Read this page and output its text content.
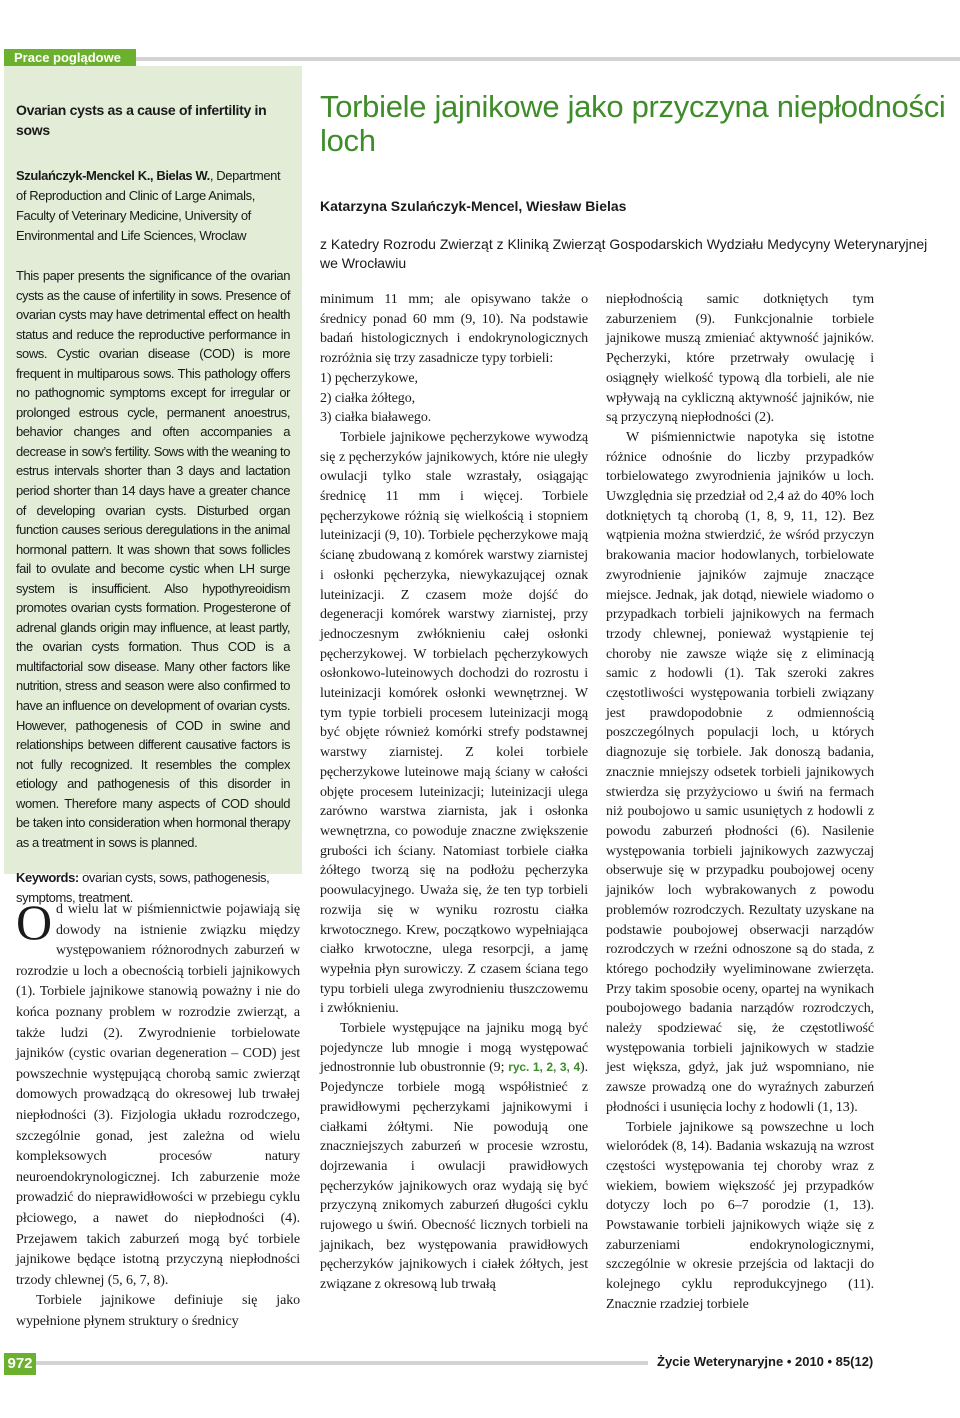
Prace poglądowe

Ovarian cysts as a cause of infertility in sows

Szulańczyk-Menckel K., Bielas W., Department of Reproduction and Clinic of Large Animals, Faculty of Veterinary Medicine, University of Environmental and Life Sciences, Wroclaw

This paper presents the significance of the ovarian cysts as the cause of infertility in sows. Presence of ovarian cysts may have detrimental effect on health status and reduce the reproductive performance in sows. Cystic ovarian disease (COD) is more frequent in multiparous sows. This pathology offers no pathognomic symptoms except for irregular or prolonged estrous cycle, permanent anoestrus, behavior changes and often accompanies a decrease in sow’s fertility. Sows with the weaning to estrus intervals shorter than 3 days and lactation period shorter than 14 days have a greater chance of developing ovarian cysts. Disturbed organ function causes serious deregulations in the animal hormonal pattern. It was shown that sows follicles fail to ovulate and become cystic when LH surge system is insufficient. Also hypothyreoidism promotes ovarian cysts formation. Progesterone of adrenal glands origin may influence, at least partly, the ovarian cysts formation. Thus COD is a multifactorial sow disease. Many other factors like nutrition, stress and season were also confirmed to have an influence on development of ovarian cysts. However, pathogenesis of COD in swine and relationships between different causative factors is not fully recognized. It resembles the complex etiology and pathogenesis of this disorder in women. Therefore many aspects of COD should be taken into consideration when hormonal therapy as a treatment in sows is planned.

Keywords: ovarian cysts, sows, pathogenesis, symptoms, treatment.

Od wielu lat w piśmiennictwie pojawiają się dowody na istnienie związku między występowaniem różnorodnych zaburzeń w rozrodzie u loch a obecnością torbieli jajnikowych (1). Torbiele jajnikowe stanowią poważny i nie do końca poznany problem w rozrodzie zwierząt, a także ludzi (2). Zwyrodnienie torbielowate jajników (cystic ovarian degeneration – COD) jest powszechnie występującą chorobą samic zwierząt domowych prowadzącą do okresowej lub trwałej niepłodności (3). Fizjologia układu rozrodczego, szczególnie gonad, jest zależna od wielu kompleksowych procesów natury neuroendokrynologicznej. Ich zaburzenie może prowadzić do nieprawidłowości w przebiegu cyklu płciowego, a nawet do niepłodności (4). Przejawem takich zaburzeń mogą być torbiele jajnikowe będące istotną przyczyną niepłodności trzody chlewnej (5, 6, 7, 8).

Torbiele jajnikowe definiuje się jako wypełnione płynem struktury o średnicy

Torbiele jajnikowe jako przyczyna niepłodności loch

Katarzyna Szulańczyk-Mencel, Wiesław Bielas

z Katedry Rozrodu Zwierząt z Kliniką Zwierząt Gospodarskich Wydziału Medycyny Weterynaryjnej we Wrocławiu

minimum 11 mm; ale opisywano także o średnicy ponad 60 mm (9, 10). Na podstawie badań histologicznych i endokrynologicznych rozróżnia się trzy zasadnicze typy torbieli:

1) pęcherzykowe,
2) ciałka żółtego,
3) ciałka białawego.

Torbiele jajnikowe pęcherzykowe wywodzą się z pęcherzyków jajnikowych, które nie uległy owulacji tylko stale wzrastały, osiągając średnicę 11 mm i więcej. Torbiele pęcherzykowe różnią się wielkością i stopniem luteinizacji (9, 10). Torbiele pęcherzykowe mają ścianę zbudowaną z komórek warstwy ziarnistej i osłonki pęcherzyka, niewykazującej oznak luteinizacji. Z czasem może dojść do degeneracji komórek warstwy ziarnistej, przy jednoczesnym zwłóknieniu całej osłonki pęcherzykowej. W torbielach pęcherzykowych osłonkowo-luteinowych dochodzi do rozrostu i luteinizacji komórek osłonki wewnętrznej. W tym typie torbieli procesem luteinizacji mogą być objęte również komórki strefy podstawnej warstwy ziarnistej. Z kolei torbiele pęcherzykowe luteinowe mają ściany w całości objęte procesem luteinizacji; luteinizacji ulega zarówno warstwa ziarnista, jak i osłonka wewnętrzna, co powoduje znaczne zwiększenie grubości ich ściany. Natomiast torbiele ciałka żółtego tworzą się na podłożu pęcherzyka poowulacyjnego. Uważa się, że ten typ torbieli rozwija się w wyniku rozrostu ciałka krwotocznego. Krew, początkowo wypełniająca ciałko krwotoczne, ulega resorpcji, a jamę wypełnia płyn surowiczy. Z czasem ściana tego typu torbieli ulega zwyrodnieniu tłuszczowemu i zwłóknieniu.

Torbiele występujące na jajniku mogą być pojedyncze lub mnogie i mogą występować jednostronnie lub obustronnie (9; ryc. 1, 2, 3, 4). Pojedyncze torbiele mogą współistnieć z prawidłowymi pęcherzykami jajnikowymi i ciałkami żółtymi. Nie powodują one znaczniejszych zaburzeń w procesie wzrostu, dojrzewania i owulacji prawidłowych pęcherzyków jajnikowych oraz wydają się być przyczyną znikomych zaburzeń długości cyklu rujowego u świń. Obecność licznych torbieli na jajnikach, bez występowania prawidłowych pęcherzyków jajnikowych i ciałek żółtych, jest związane z okresową lub trwałą

niepłodnością samic dotkniętych tym zaburzeniem (9). Funkcjonalnie torbiele jajnikowe muszą zmieniać aktywność jajników. Pęcherzyki, które przetrwały owulację i osiągnęły wielkość typową dla torbieli, ale nie wpływają na cykliczną aktywność jajników, nie są przyczyną niepłodności (2).

W piśmiennictwie napotyka się istotne różnice odnośnie do liczby przypadków torbielowatego zwyrodnienia jajników u loch. Uwzględnia się przedział od 2,4 aż do 40% loch dotkniętych tą chorobą (1, 8, 9, 11, 12). Bez wątpienia można stwierdzić, że wśród przyczyn brakowania macior hodowlanych, torbielowate zwyrodnienie jajników zajmuje znaczące miejsce. Jednak, jak dotąd, niewiele wiadomo o przypadkach torbieli jajnikowych na fermach trzody chlewnej, ponieważ wystąpienie tej choroby nie zawsze wiąże się z eliminacją samic z hodowli (1). Tak szeroki zakres częstotliwości występowania torbieli związany jest prawdopodobnie z odmiennością poszczególnych populacji loch, u których diagnozuje się torbiele. Jak donoszą badania, znacznie mniejszy odsetek torbieli jajnikowych stwierdza się przyżyciowo u świń na fermach niż poubojowo u samic usuniętych z hodowli z powodu zaburzeń płodności (6). Nasilenie występowania torbieli jajnikowych zazwyczaj obserwuje się w przypadku poubojowej oceny jajników loch wybrakowanych z powodu problemów rozrodczych. Rezultaty uzyskane na podstawie poubojowej obserwacji narządów rozrodczych w rzeźni odnoszone są do stada, z którego pochodziły wyeliminowane zwierzęta. Przy takim sposobie oceny, opartej na wynikach poubojowego badania narządów rozrodczych, należy spodziewać się, że częstotliwość występowania torbieli jajnikowych w stadzie jest większa, gdyż, jak już wspomniano, nie zawsze prowadzą one do wyraźnych zaburzeń płodności i usunięcia lochy z hodowli (1, 13).

Torbiele jajnikowe są powszechne u loch wieloródek (8, 14). Badania wskazują na wzrost częstości występowania tej choroby wraz z wiekiem, bowiem większość jej przypadków dotyczy loch po 6–7 porodzie (1, 13). Powstawanie torbieli jajnikowych wiąże się z zaburzeniami endokrynologicznymi, szczególnie w okresie przejścia od laktacji do kolejnego cyklu reprodukcyjnego (11). Znacznie rzadziej torbiele

972	Życie Weterynaryjne • 2010 • 85(12)
